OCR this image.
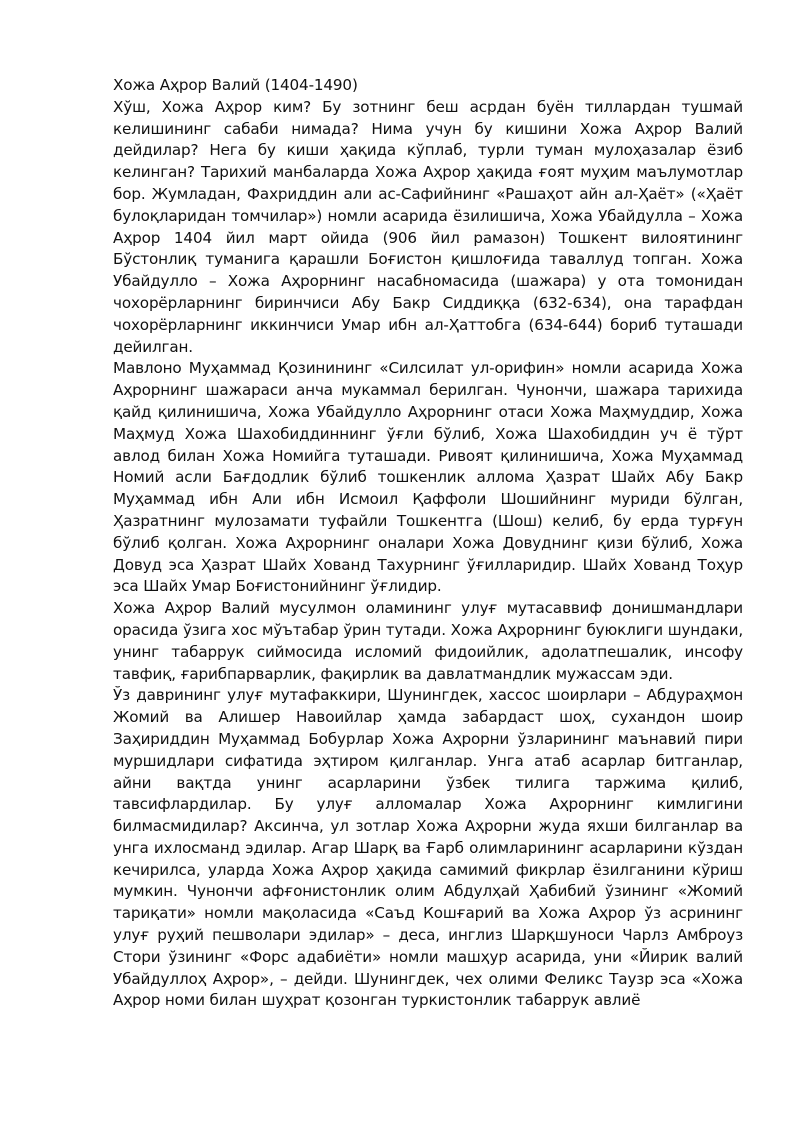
Хожа Аҳрор Валий (1404-1490)

Хўш, Хожа Аҳрор ким? Бу зотнинг беш асрдан буён тиллардан тушмай келишининг сабаби нимада? Нима учун бу кишини Хожа Аҳрор Валий дейдилар? Нега бу киши ҳақида кўплаб, турли туман мулоҳазалар ёзиб келинган? Тарихий манбаларда Хожа Аҳрор ҳақида ғоят муҳим маълумотлар бор. Жумладан, Фахриддин али ас-Сафийнинг «Рашаҳот айн ал-Ҳаёт» («Ҳаёт булоқларидан томчилар») номли асарида ёзилишича, Хожа Убайдулла – Хожа Аҳрор 1404 йил март ойида (906 йил рамазон) Тошкент вилоятининг Бўстонлиқ туманига қарашли Боғистон қишлоғида таваллуд топган. Хожа Убайдулло – Хожа Аҳрорнинг насабномасида (шажара) у ота томонидан чохорёрларнинг биринчиси Абу Бакр Сиддиққа (632-634), она тарафдан чохорёрларнинг иккинчиси Умар ибн ал-Ҳаттобга (634-644) бориб туташади дейилган.

Мавлоно Муҳаммад Қозинининг «Силсилат ул-орифин» номли асарида Хожа Аҳрорнинг шажараси анча мукаммал берилган. Чунончи, шажара тарихида қайд қилинишича, Хожа Убайдулло Аҳрорнинг отаси Хожа Маҳмуддир, Хожа Маҳмуд Хожа Шахобиддиннинг ўғли бўлиб, Хожа Шахобиддин уч ё тўрт авлод билан Хожа Номийга туташади. Ривоят қилинишича, Хожа Муҳаммад Номий асли Бағдодлик бўлиб тошкенлик аллома Ҳазрат Шайх Абу Бакр Муҳаммад ибн Али ибн Исмоил Қаффоли Шошийнинг муриди бўлган, Ҳазратнинг мулозамати туфайли Тошкентга (Шош) келиб, бу ерда турғун бўлиб қолган. Хожа Аҳрорнинг оналари Хожа Довуднинг қизи бўлиб, Хожа Довуд эса Ҳазрат Шайх Хованд Тахурнинг ўғилларидир. Шайх Хованд Тоҳур эса Шайх Умар Боғистонийнинг ўғлидир.

Хожа Аҳрор Валий мусулмон оламининг улуғ мутасаввиф донишмандлари орасида ўзига хос мўътабар ўрин тутади. Хожа Аҳрорнинг буюклиги шундаки, унинг табаррук сиймосида исломий фидоийлик, адолатпешалик, инсофу тавфиқ, ғарибпарварлик, фақирлик ва давлатмандлик мужассам эди.

Ўз даврининг улуғ мутафаккири, Шунингдек, хассос шоирлари – Абдураҳмон Жомий ва Алишер Навоийлар ҳамда забардаст шоҳ, сухандон шоир Заҳириддин Муҳаммад Бобурлар Хожа Аҳрорни ўзларининг маънавий пири муршидлари сифатида эҳтиром қилганлар. Унга атаб асарлар битганлар, айни вақтда унинг асарларини ўзбек тилига таржима қилиб, тавсифлардилар. Бу улуғ алломалар Хожа Аҳрорнинг кимлигини билмасмидилар? Аксинча, ул зотлар Хожа Аҳрорни жуда яхши билганлар ва унга ихлосманд эдилар. Агар Шарқ ва Ғарб олимларининг асарларини кўздан кечирилса, уларда Хожа Аҳрор ҳақида самимий фикрлар ёзилганини кўриш мумкин. Чунончи афғонистонлик олим Абдулҳай Ҳабибий ўзининг «Жомий тариқати» номли мақоласида «Саъд Кошғарий ва Хожа Аҳрор ўз асрининг улуғ руҳий пешволари эдилар» – деса, инглиз Шарқшуноси Чарлз Амброуз Стори ўзининг «Форс адабиёти» номли машҳур асарида, уни «Йирик валий Убайдуллоҳ Аҳрор», – дейди. Шунингдек, чех олими Феликс Таузр эса «Хожа Аҳрор номи билан шуҳрат қозонган туркистонлик табаррук авлиё
